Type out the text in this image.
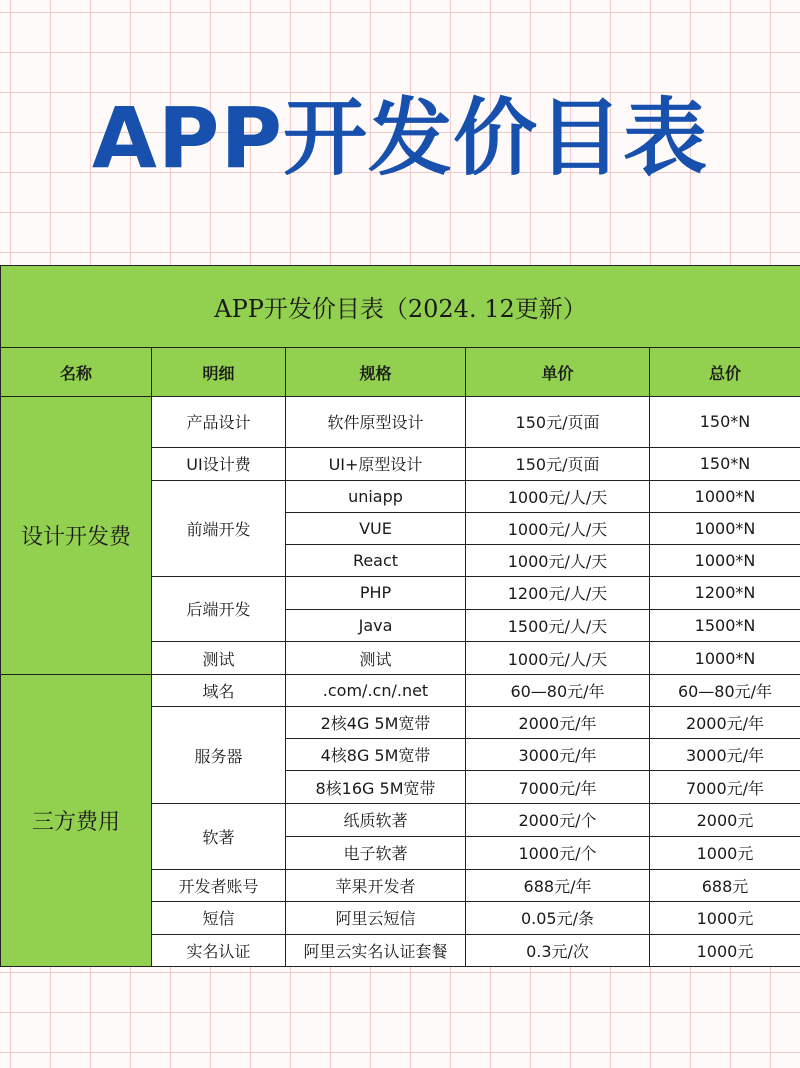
APP开发价目表
APP开发价目表（2024. 12更新）				
名称	明细	规格	单价	总价
设计开发费	产品设计	软件原型设计	150元/页面	150*N
	UI设计费	UI+原型设计	150元/页面	150*N
	前端开发	uniapp	1000元/人/天	1000*N
		VUE	1000元/人/天	1000*N
		React	1000元/人/天	1000*N
	后端开发	PHP	1200元/人/天	1200*N
		Java	1500元/人/天	1500*N
	测试	测试	1000元/人/天	1000*N
三方费用	域名	.com/.cn/.net	60—80元/年	60—80元/年
	服务器	2核4G 5M宽带	2000元/年	2000元/年
		4核8G 5M宽带	3000元/年	3000元/年
		8核16G 5M宽带	7000元/年	7000元/年
	软著	纸质软著	2000元/个	2000元
		电子软著	1000元/个	1000元
	开发者账号	苹果开发者	688元/年	688元
	短信	阿里云短信	0.05元/条	1000元
	实名认证	阿里云实名认证套餐	0.3元/次	1000元
